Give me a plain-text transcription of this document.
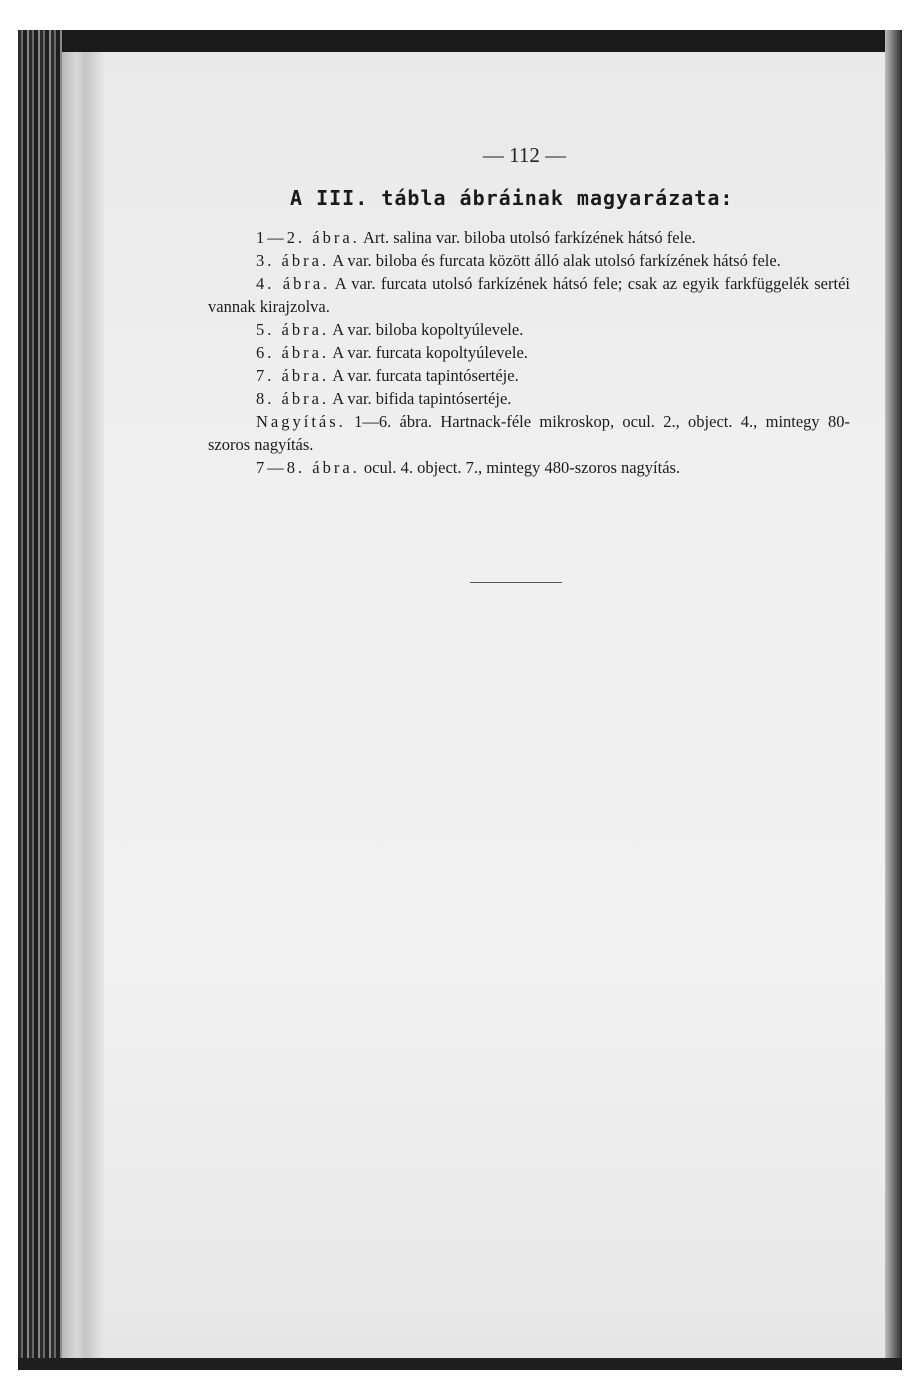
— 112 —
A III. tábla ábráinak magyarázata:

1—2. ábra. Art. salina var. biloba utolsó farkízének hátsó fele.

3. ábra. A var. biloba és furcata között álló alak utolsó farkízének hátsó fele.

4. ábra. A var. furcata utolsó farkízének hátsó fele; csak az egyik farkfüggelék sertéi vannak kirajzolva.

5. ábra. A var. biloba kopoltyúlevele.

6. ábra. A var. furcata kopoltyúlevele.

7. ábra. A var. furcata tapintósertéje.

8. ábra. A var. bifida tapintósertéje.

Nagyítás. 1—6. ábra. Hartnack-féle mikroskop, ocul. 2., object. 4., mintegy 80-szoros nagyítás.

7—8. ábra. ocul. 4. object. 7., mintegy 480-szoros nagyítás.
